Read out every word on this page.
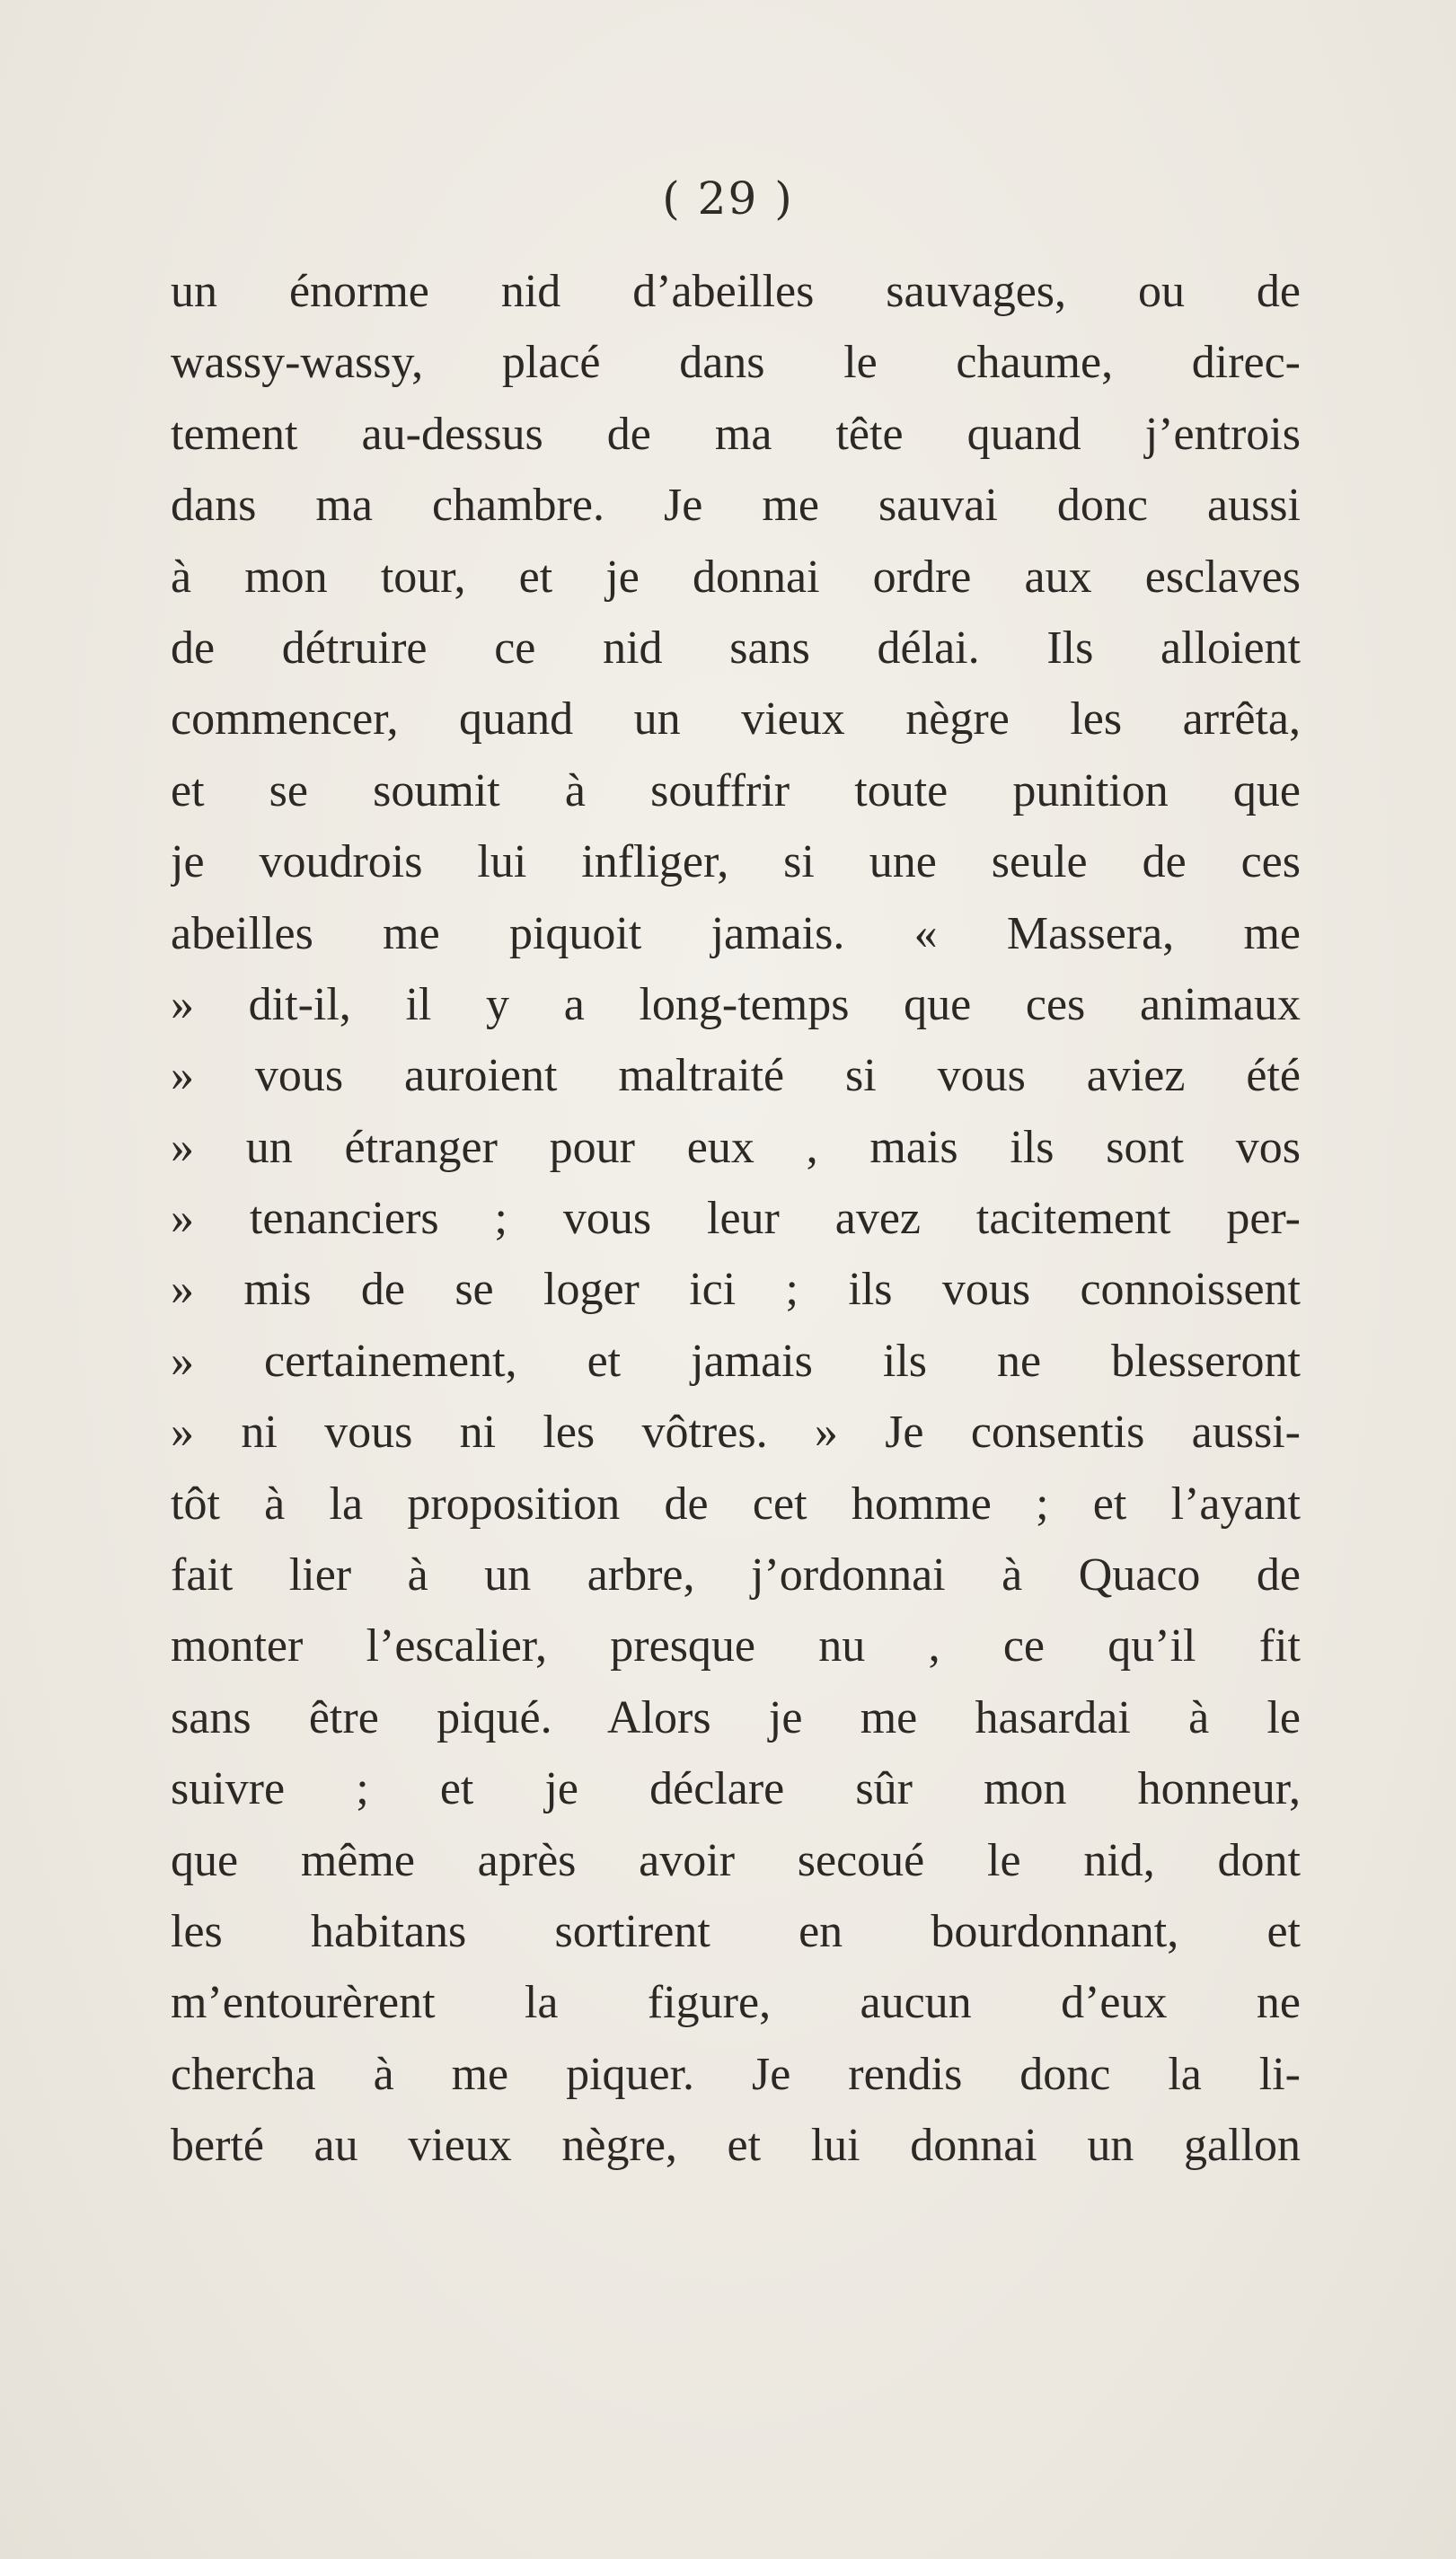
( 29 )
un énorme nid d’abeilles sauvages, ou de
wassy-wassy, placé dans le chaume, direc-
tement au-dessus de ma tête quand j’entrois
dans ma chambre. Je me sauvai donc aussi
à mon tour, et je donnai ordre aux esclaves
de détruire ce nid sans délai. Ils alloient
commencer, quand un vieux nègre les arrêta,
et se soumit à souffrir toute punition que
je voudrois lui infliger, si une seule de ces
abeilles me piquoit jamais. « Massera, me
» dit-il, il y a long-temps que ces animaux
» vous auroient maltraité si vous aviez été
» un étranger pour eux , mais ils sont vos
» tenanciers ; vous leur avez tacitement per-
» mis de se loger ici ; ils vous connoissent
» certainement, et jamais ils ne blesseront
» ni vous ni les vôtres. » Je consentis aussi-
tôt à la proposition de cet homme ; et l’ayant
fait lier à un arbre, j’ordonnai à Quaco de
monter l’escalier, presque nu , ce qu’il fit
sans être piqué. Alors je me hasardai à le
suivre ; et je déclare sûr mon honneur,
que même après avoir secoué le nid, dont
les habitans sortirent en bourdonnant, et
m’entourèrent la figure, aucun d’eux ne
chercha à me piquer. Je rendis donc la li-
berté au vieux nègre, et lui donnai un gallon
